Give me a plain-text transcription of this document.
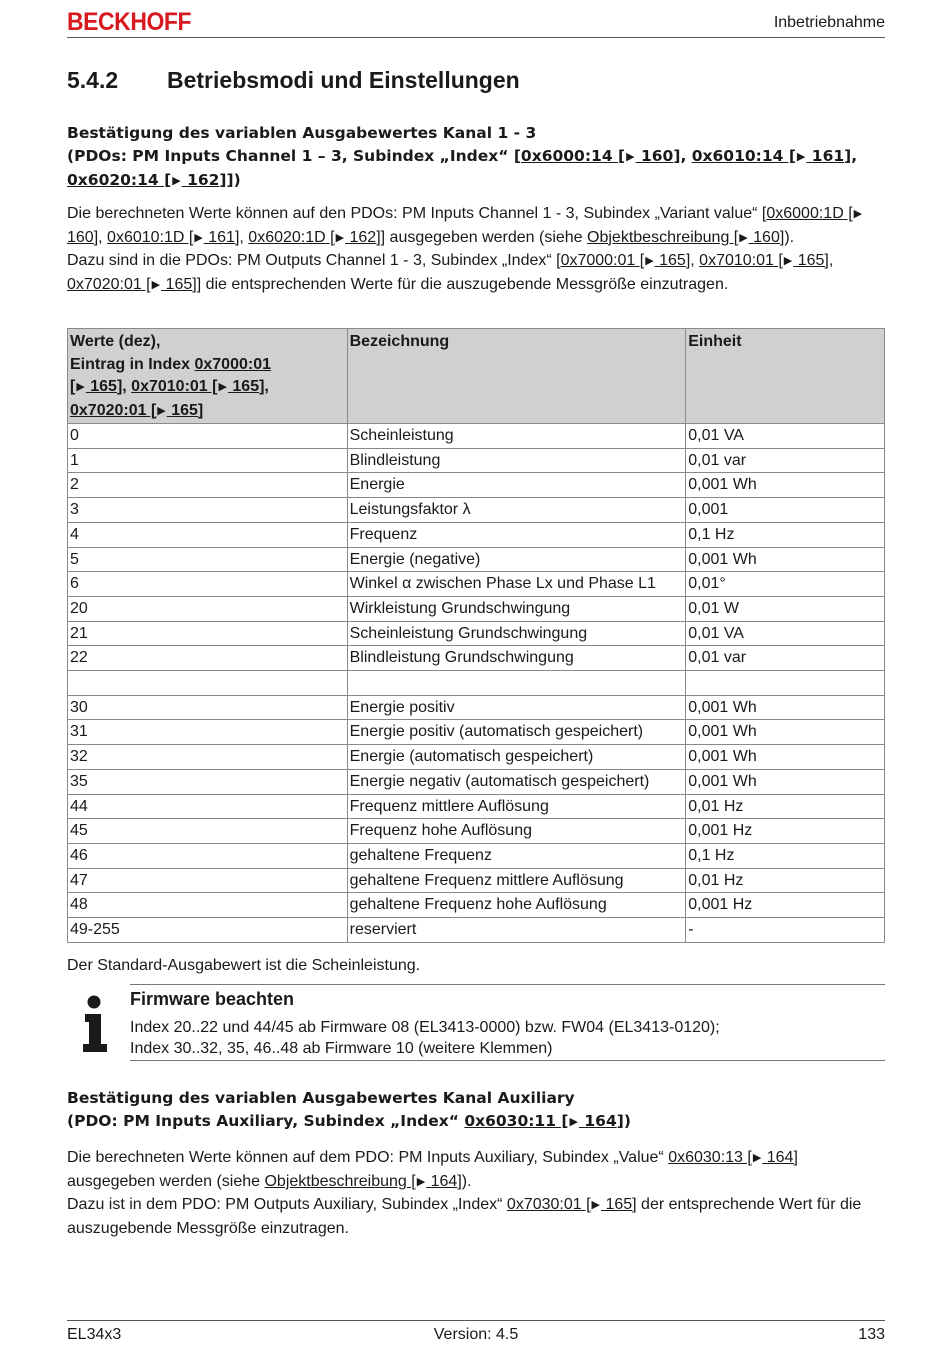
BECKHOFF	Inbetriebnahme
5.4.2 Betriebsmodi und Einstellungen
Bestätigung des variablen Ausgabewertes Kanal 1 - 3
(PDOs: PM Inputs Channel 1 – 3, Subindex „Index“ [0x6000:14 [▶ 160], 0x6010:14 [▶ 161], 0x6020:14 [▶ 162]])
Die berechneten Werte können auf den PDOs: PM Inputs Channel 1 - 3, Subindex „Variant value“ [0x6000:1D [▶ 160], 0x6010:1D [▶ 161], 0x6020:1D [▶ 162]] ausgegeben werden (siehe Objektbeschreibung [▶ 160]).
Dazu sind in die PDOs: PM Outputs Channel 1 - 3, Subindex „Index“ [0x7000:01 [▶ 165], 0x7010:01 [▶ 165], 0x7020:01 [▶ 165]] die entsprechenden Werte für die auszugebende Messgröße einzutragen.
Werte (dez),
Eintrag in Index 0x7000:01
[▶ 165], 0x7010:01 [▶ 165],
0x7020:01 [▶ 165]	Bezeichnung	Einheit
0	Scheinleistung	0,01 VA
1	Blindleistung	0,01 var
2	Energie	0,001 Wh
3	Leistungsfaktor λ	0,001
4	Frequenz	0,1 Hz
5	Energie (negative)	0,001 Wh
6	Winkel α zwischen Phase Lx und Phase L1	0,01°
20	Wirkleistung Grundschwingung	0,01 W
21	Scheinleistung Grundschwingung	0,01 VA
22	Blindleistung Grundschwingung	0,01 var

30	Energie positiv	0,001 Wh
31	Energie positiv (automatisch gespeichert)	0,001 Wh
32	Energie (automatisch gespeichert)	0,001 Wh
35	Energie negativ (automatisch gespeichert)	0,001 Wh
44	Frequenz mittlere Auflösung	0,01 Hz
45	Frequenz hohe Auflösung	0,001 Hz
46	gehaltene Frequenz	0,1 Hz
47	gehaltene Frequenz mittlere Auflösung	0,01 Hz
48	gehaltene Frequenz hohe Auflösung	0,001 Hz
49-255	reserviert	-
Der Standard-Ausgabewert ist die Scheinleistung.
Firmware beachten
Index 20..22 und 44/45 ab Firmware 08 (EL3413-0000) bzw. FW04 (EL3413-0120);
Index 30..32, 35, 46..48 ab Firmware 10 (weitere Klemmen)
Bestätigung des variablen Ausgabewertes Kanal Auxiliary
(PDO: PM Inputs Auxiliary, Subindex „Index“ 0x6030:11 [▶ 164])
Die berechneten Werte können auf dem PDO: PM Inputs Auxiliary, Subindex „Value“ 0x6030:13 [▶ 164]
ausgegeben werden (siehe Objektbeschreibung [▶ 164]).
Dazu ist in dem PDO: PM Outputs Auxiliary, Subindex „Index“ 0x7030:01 [▶ 165] der entsprechende Wert für die auszugebende Messgröße einzutragen.
EL34x3	Version: 4.5	133
